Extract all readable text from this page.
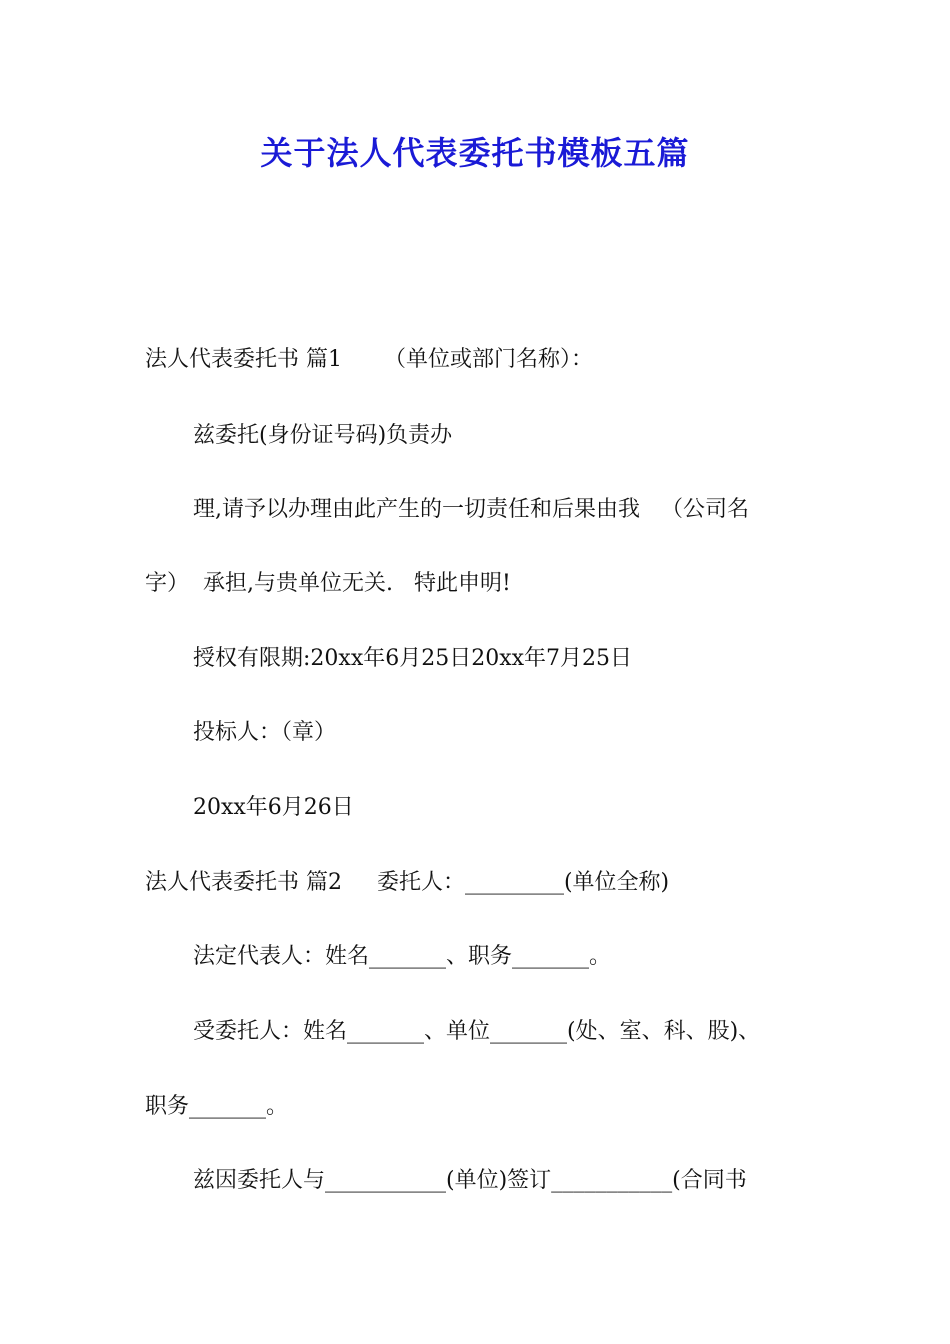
关于法人代表委托书模板五篇
法人代表委托书 篇1      （单位或部门名称）：
兹委托(身份证号码)负责办
理,请予以办理由此产生的一切责任和后果由我   （公司名
字）  承担,与贵单位无关.   特此申明!
授权有限期:20xx年6月25日20xx年7月25日
投标人：（章）
20xx年6月26日
法人代表委托书 篇2     委托人：_________(单位全称)
法定代表人：姓名_______、职务_______。
受委托人：姓名_______、单位_______(处、室、科、股)、
职务_______。
兹因委托人与___________(单位)签订___________(合同书
